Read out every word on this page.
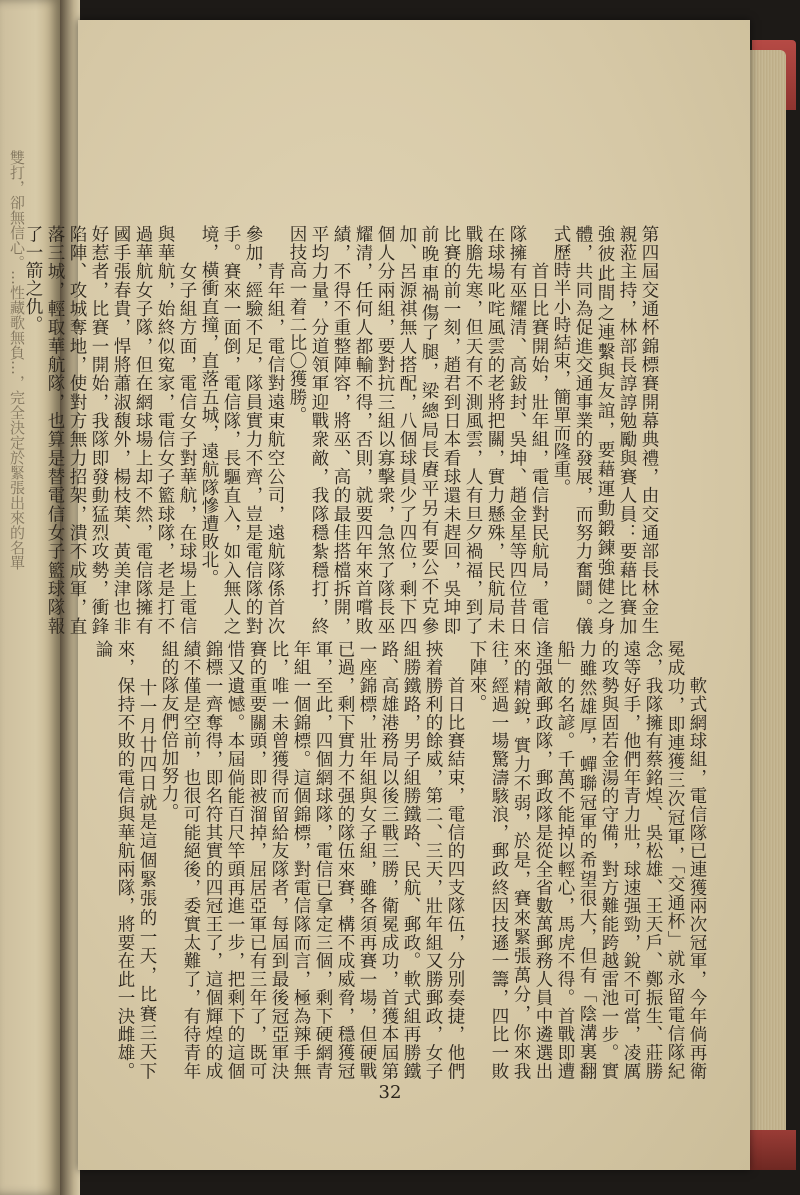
雙打，卻無信心。…性藏歌無負…，完全決定於緊張出來的名單	第四屆交通杯錦標賽開幕典禮，由交通部長林金生親蒞主持，林部長諄諄勉勵與賽人員：要藉比賽加強彼此間之連繫與友誼，要藉運動鍛鍊強健之身體，共同為促進交通事業的發展，而努力奮鬪。儀式歷時半小時結束，簡單而隆重。
　　首日比賽開始，壯年組，電信對民航局，電信隊擁有巫耀清、高鈸封、吳坤、趙金星等四位昔日在球場叱咤風雲的老將把關，實力懸殊，民航局未戰膽先寒，但天有不測風雲，人有旦夕禍福，到了比賽的前一刻，趙君到日本看球還未趕回，吳坤即前晚車禍傷了腿，梁總局長賡平另有要公不克參加、呂源祺無人搭配，八個球員少了四位，剩下四個人分兩組，要對抗三組以寡擊衆，急煞了隊長巫耀清，任何人都輸不得，否則，就要四年來首嚐敗績，不得不重整陣容，將巫、高的最佳搭檔拆開，平均力量，分道領軍迎戰衆敵，我隊穩紮穩打，終因技高一着二比〇獲勝。
　　青年組，電信對遠東航空公司，遠航隊係首次參加，經驗不足，隊員實力不齊，豈是電信隊的對手。賽來一面倒，電信隊，長驅直入，如入無人之境，橫衝直撞，直落五城，遠航隊慘遭敗北。
　　女子組方面，電信女子對華航，在球場上電信與華航，始終似寃家，電信女子籃球隊，老是打不過華航女子隊，但在網球場上却不然，電信隊擁有國手張春貴，悍將蕭淑馥外，楊枝葉、黃美津也非好惹者，比賽一開始，我隊即發動猛烈攻勢，衝鋒陷陣、攻城奪地，使對方無力招架，潰不成軍，直落三城，輕取華航隊，也算是替電信女子籃球隊報了一箭之仇。
　　軟式網球組，電信隊已連獲兩次冠軍，今年倘再衛冕成功，即連獲三次冠軍，「交通杯」就永留電信隊紀念，我隊擁有蔡銘煌、吳松雄、王天戶、鄭振生、莊勝遠等好手，他們年青力壯，球速强勁，銳不可當，凌厲的攻勢與固若金湯的守備，對方難能跨越雷池一步。實力雖然雄厚，蟬聯冠軍的希望很大，但有「陰溝裏翻船」的名諺。千萬不能掉以輕心，馬虎不得。首戰即遭逢强敵郵政隊，郵政隊是從全省數萬郵務人員中遴選出來的精銳，實力不弱，於是，賽來緊張萬分，你來我往，經過一場驚濤駭浪，郵政終因技遜一籌，四比一敗下陣來。
　　首日比賽結束，電信的四支隊伍，分別奏捷，他們挾着勝利的餘威，第二、三天，壯年組又勝郵政，女子組勝鐵路，男子組勝鐵路、民航、郵政。軟式組再勝鐵路、高雄港務局以後三戰三勝，衛冕成功，首獲本屆第一座錦標，壯年組與女子組，雖各須再賽一場，但硬戰已過，剩下實力不强的隊伍來賽，構不成威脅，穩獲冠軍，至此，四個網球隊，電信已拿定三個，剩下硬網青年組一個錦標。這個錦標，對電信隊而言，極為辣手無比，唯一未曾獲得而留給友隊者，每屆到最後冠亞軍決賽的重要關頭，即被溜掉，屈居亞軍已有三年了，既可惜又遺憾。本屆倘能百尺竿頭再進一步，把剩下的這個錦標一齊奪得，即名符其實的四冠王了，這個輝煌的成績不僅是空前，也很可能絕後，委實太難了，有待青年組的隊友們倍加努力。
　　十一月廿四日就是這個緊張的一天，比賽三天下來，保持不敗的電信與華航兩隊，將要在此一決雌雄。論
32
